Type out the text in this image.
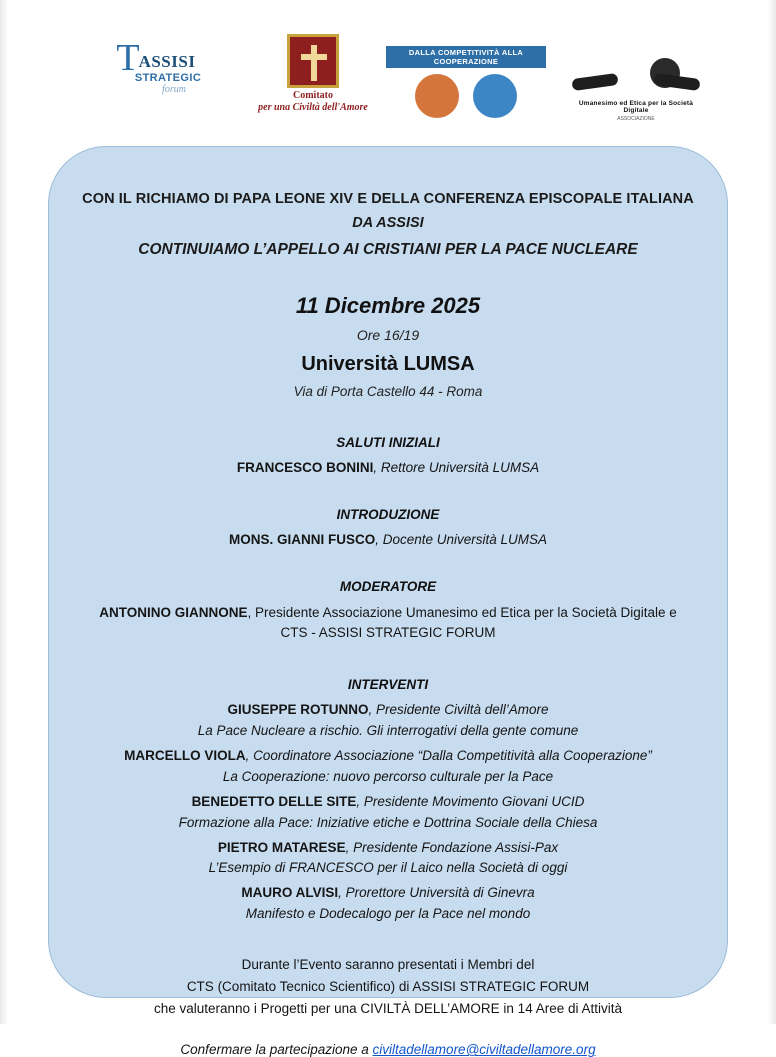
T
ASSISI
STRATEGIC
forum
Comitato
per una Civiltà dell'Amore
DALLA COMPETITIVITÀ ALLA COOPERAZIONE
Umanesimo ed Etica per la Società Digitale
ASSOCIAZIONE
CON IL RICHIAMO DI PAPA LEONE XIV E DELLA CONFERENZA EPISCOPALE ITALIANA
DA ASSISI
CONTINUIAMO L’APPELLO AI CRISTIANI PER LA PACE NUCLEARE
11 Dicembre 2025
Ore 16/19
Università LUMSA
Via di Porta Castello 44 - Roma
SALUTI INIZIALI
FRANCESCO BONINI, Rettore Università LUMSA
INTRODUZIONE
MONS. GIANNI FUSCO, Docente Università LUMSA
MODERATORE
ANTONINO GIANNONE, Presidente Associazione Umanesimo ed Etica per la Società Digitale e
CTS - ASSISI STRATEGIC FORUM
INTERVENTI
GIUSEPPE ROTUNNO, Presidente Civiltà dell’Amore
La Pace Nucleare a rischio. Gli interrogativi della gente comune
MARCELLO VIOLA, Coordinatore Associazione “Dalla Competitività alla Cooperazione”
La Cooperazione: nuovo percorso culturale per la Pace
BENEDETTO DELLE SITE, Presidente Movimento Giovani UCID
Formazione alla Pace: Iniziative etiche e Dottrina Sociale della Chiesa
PIETRO MATARESE, Presidente Fondazione Assisi-Pax
L’Esempio di FRANCESCO per il Laico nella Società di oggi
MAURO ALVISI, Prorettore Università di Ginevra
Manifesto e Dodecalogo per la Pace nel mondo
Durante l’Evento saranno presentati i Membri del
CTS (Comitato Tecnico Scientifico) di ASSISI STRATEGIC FORUM
che valuteranno i Progetti per una CIVILTÀ DELL’AMORE in 14 Aree di Attività
Confermare la partecipazione a civiltadellamore@civiltadellamore.org
